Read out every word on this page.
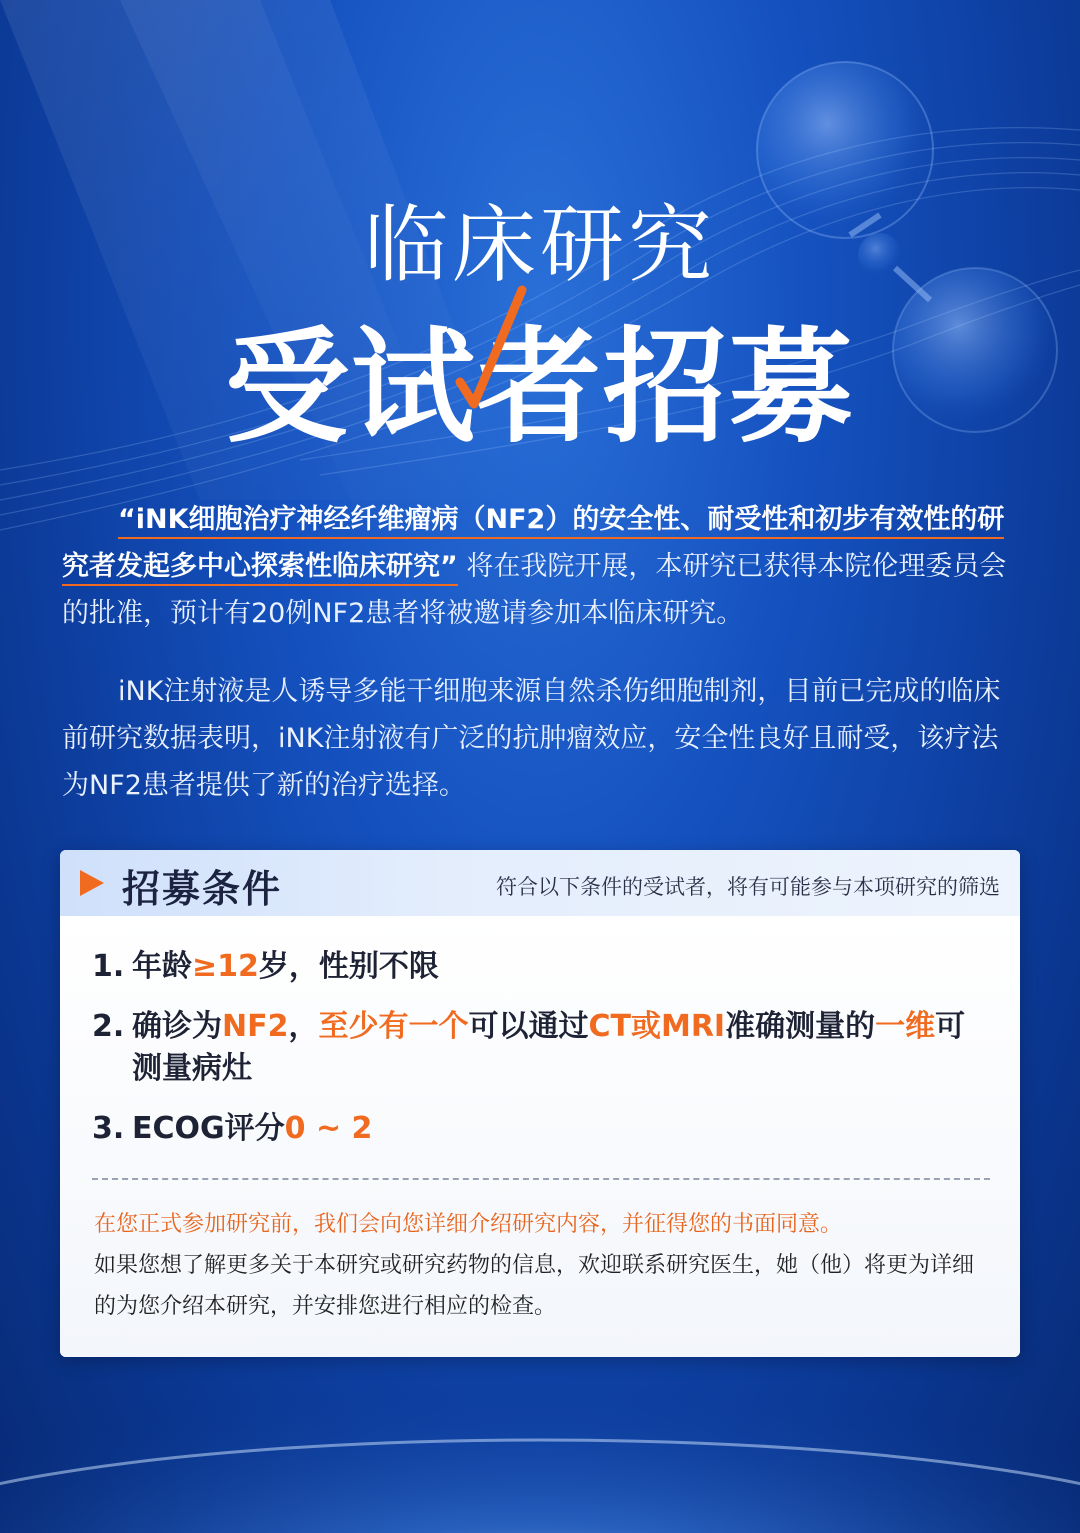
临床研究
受试者招募

“iNK细胞治疗神经纤维瘤病（NF2）的安全性、耐受性和初步有效性的研究者发起多中心探索性临床研究” 将在我院开展，本研究已获得本院伦理委员会的批准，预计有20例NF2患者将被邀请参加本临床研究。

iNK注射液是人诱导多能干细胞来源自然杀伤细胞制剂，目前已完成的临床前研究数据表明，iNK注射液有广泛的抗肿瘤效应，安全性良好且耐受，该疗法为NF2患者提供了新的治疗选择。

招募条件	符合以下条件的受试者，将有可能参与本项研究的筛选
1. 年龄≥12岁，性别不限
2. 确诊为NF2，至少有一个可以通过CT或MRI准确测量的一维可测量病灶
3. ECOG评分0 ~ 2
在您正式参加研究前，我们会向您详细介绍研究内容，并征得您的书面同意。
如果您想了解更多关于本研究或研究药物的信息，欢迎联系研究医生，她（他）将更为详细的为您介绍本研究，并安排您进行相应的检查。
